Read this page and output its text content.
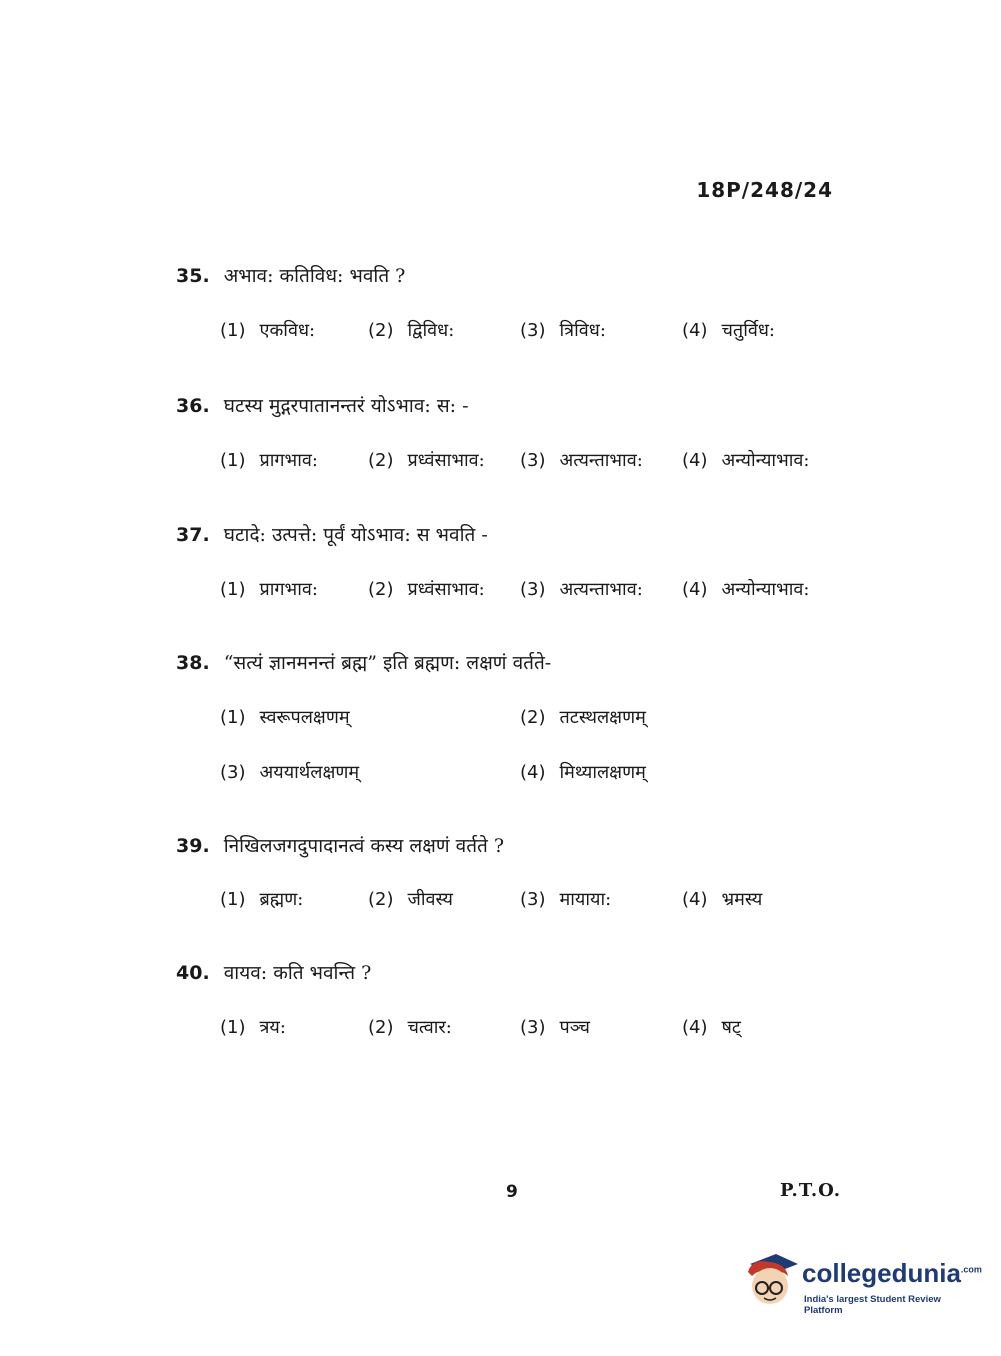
18P/248/24
35. अभाव: कतिविध: भवति ?
(1) एकविध:	(2) द्विविध:	(3) त्रिविध:	(4) चतुर्विध:
36. घटस्य मुद्गरपातानन्तरं योऽभाव: स: -
(1) प्रागभाव:	(2) प्रध्वंसाभाव: (3) अत्यन्ताभाव: (4) अन्योन्याभाव:
37. घटादे: उत्पत्ते: पूर्वं योऽभाव: स भवति -
(1) प्रागभाव:	(2) प्रध्वंसाभाव: (3) अत्यन्ताभाव: (4) अन्योन्याभाव:
38. “सत्यं ज्ञानमनन्तं ब्रह्म” इति ब्रह्मण: लक्षणं वर्तते-
(1) स्वरूपलक्षणम्	(2) तटस्थलक्षणम्
(3) अययार्थलक्षणम्	(4) मिथ्यालक्षणम्
39. निखिलजगदुपादानत्वं कस्य लक्षणं वर्तते ?
(1) ब्रह्मण:	(2) जीवस्य	(3) मायाया:	(4) भ्रमस्य
40. वायव: कति भवन्ति ?
(1) त्रय:	(2) चत्वार:	(3) पञ्च	(4) षट्
9	P.T.O.
collegedunia$^{.com}$
India's largest Student Review Platform
